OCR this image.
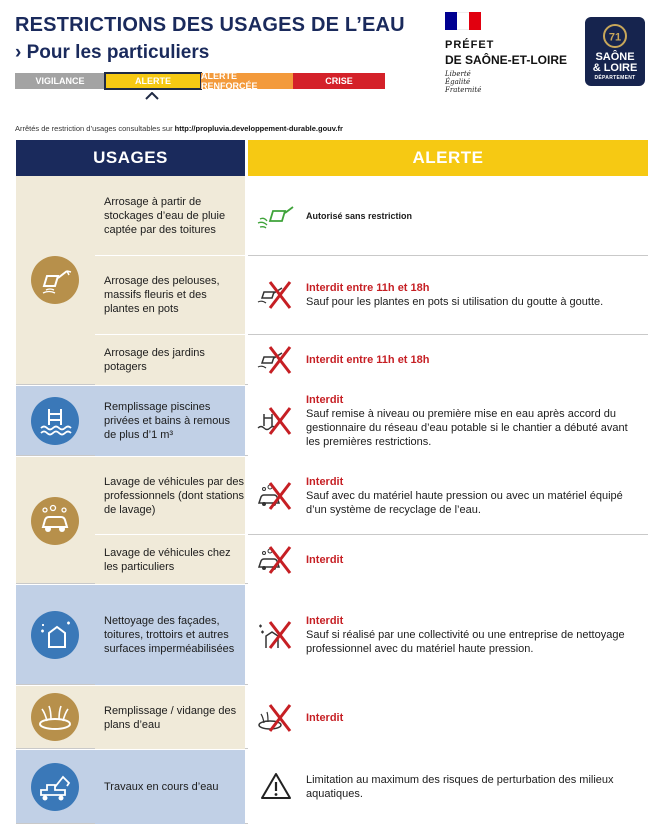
RESTRICTIONS DES USAGES DE L’EAU
› Pour les particuliers
VIGILANCE	ALERTE	ALERTE RENFORCÉE	CRISE
PRÉFET
DE SAÔNE-ET-LOIRE
Liberté
Égalité
Fraternité
71
SAÔNE
& LOIRE
DÉPARTEMENT
Arrêtés de restriction d’usages consultables sur http://propluvia.developpement-durable.gouv.fr
USAGES	ALERTE
Arrosage à partir de stockages d’eau de pluie captée par des toitures
Autorisé sans restriction
Arrosage des pelouses, massifs fleuris et des plantes en pots
Interdit entre 11h et 18h
Sauf pour les plantes en pots si utilisation du goutte à goutte.
Arrosage des jardins potagers
Interdit entre 11h et 18h
Remplissage piscines privées et bains à remous de plus d’1 m³
Interdit
Sauf remise à niveau ou première mise en eau après accord du gestionnaire du réseau d’eau potable si le chantier a débuté avant les premières restrictions.
Lavage de véhicules par des professionnels (dont stations de lavage)
Interdit
Sauf avec du matériel haute pression ou avec un matériel équipé d’un système de recyclage de l’eau.
Lavage de véhicules chez les particuliers
Interdit
Nettoyage des façades, toitures, trottoirs et autres surfaces imperméabilisées
Interdit
Sauf si réalisé par une collectivité ou une entreprise de nettoyage professionnel avec du matériel haute pression.
Remplissage / vidange des plans d’eau
Interdit
Travaux en cours d’eau
Limitation au maximum des risques de perturbation des milieux aquatiques.
